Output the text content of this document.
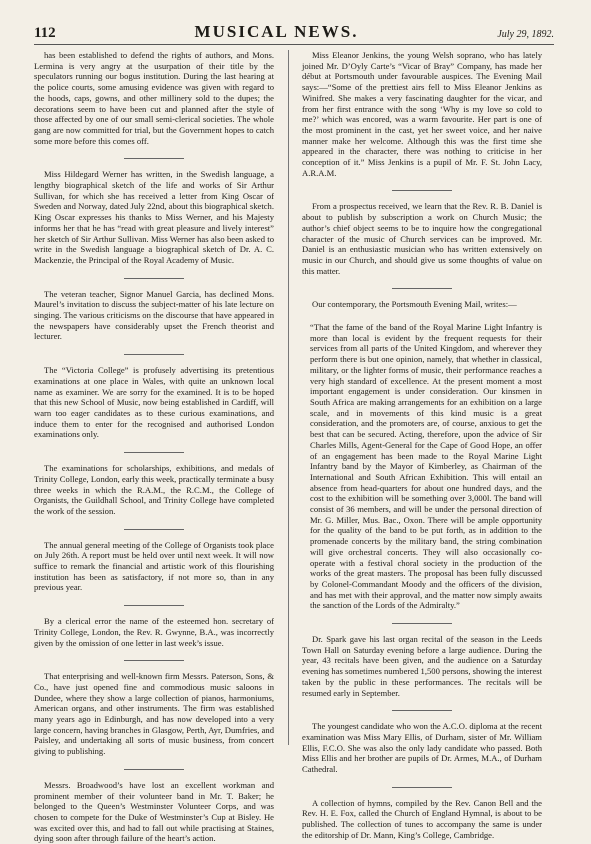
112	MUSICAL NEWS.	July 29, 1892.

has been established to defend the rights of authors, and Mons. Lermina is very angry at the usurpation of their title by the speculators running our bogus institution. During the last hearing at the police courts, some amusing evidence was given with regard to the hoods, caps, gowns, and other millinery sold to the dupes; the decorations seem to have been cut and planned after the style of those affected by one of our small semi-clerical societies. The whole gang are now committed for trial, but the Government hopes to catch some more before this comes off.

Miss Hildegard Werner has written, in the Swedish language, a lengthy biographical sketch of the life and works of Sir Arthur Sullivan, for which she has received a letter from King Oscar of Sweden and Norway, dated July 22nd, about this biographical sketch. King Oscar expresses his thanks to Miss Werner, and his Majesty informs her that he has “read with great pleasure and lively interest” her sketch of Sir Arthur Sullivan. Miss Werner has also been asked to write in the Swedish language a biographical sketch of Dr. A. C. Mackenzie, the Principal of the Royal Academy of Music.

The veteran teacher, Signor Manuel Garcia, has declined Mons. Maurel’s invitation to discuss the subject-matter of his late lecture on singing. The various criticisms on the discourse that have appeared in the newspapers have considerably upset the French theorist and lecturer.

The “Victoria College” is profusely advertising its pretentious examinations at one place in Wales, with quite an unknown local name as examiner. We are sorry for the examined. It is to be hoped that this new School of Music, now being established in Cardiff, will warn too eager candidates as to these curious examinations, and induce them to enter for the recognised and authorised London examinations only.

The examinations for scholarships, exhibitions, and medals of Trinity College, London, early this week, practically terminate a busy three weeks in which the R.A.M., the R.C.M., the College of Organists, the Guildhall School, and Trinity College have completed the work of the session.

The annual general meeting of the College of Organists took place on July 26th. A report must be held over until next week. It will now suffice to remark the financial and artistic work of this flourishing institution has been as satisfactory, if not more so, than in any previous year.

By a clerical error the name of the esteemed hon. secretary of Trinity College, London, the Rev. R. Gwynne, B.A., was incorrectly given by the omission of one letter in last week’s issue.

That enterprising and well-known firm Messrs. Paterson, Sons, & Co., have just opened fine and commodious music saloons in Dundee, where they show a large collection of pianos, harmoniums, American organs, and other instruments. The firm was established many years ago in Edinburgh, and has now developed into a very large concern, having branches in Glasgow, Perth, Ayr, Dumfries, and Paisley, and undertaking all sorts of music business, from concert giving to publishing.

Messrs. Broadwood’s have lost an excellent workman and prominent member of their volunteer band in Mr. T. Baker; he belonged to the Queen’s Westminster Volunteer Corps, and was chosen to compete for the Duke of Westminster’s Cup at Bisley. He was excited over this, and had to fall out while practising at Staines, dying soon after through failure of the heart’s action.

Miss Eleanor Jenkins, the young Welsh soprano, who has lately joined Mr. D’Oyly Carte’s “Vicar of Bray” Company, has made her début at Portsmouth under favourable auspices. The Evening Mail says:—“Some of the prettiest airs fell to Miss Eleanor Jenkins as Winifred. She makes a very fascinating daughter for the vicar, and from her first entrance with the song ‘Why is my love so cold to me?’ which was encored, was a warm favourite. Her part is one of the most prominent in the cast, yet her sweet voice, and her naive manner make her welcome. Although this was the first time she appeared in the character, there was nothing to criticise in her conception of it.” Miss Jenkins is a pupil of Mr. F. St. John Lacy, A.R.A.M.

From a prospectus received, we learn that the Rev. R. B. Daniel is about to publish by subscription a work on Church Music; the author’s chief object seems to be to inquire how the congregational character of the music of Church services can be improved. Mr. Daniel is an enthusiastic musician who has written extensively on music in our Church, and should give us some thoughts of value on this matter.

Our contemporary, the Portsmouth Evening Mail, writes:—

“That the fame of the band of the Royal Marine Light Infantry is more than local is evident by the frequent requests for their services from all parts of the United Kingdom, and wherever they perform there is but one opinion, namely, that whether in classical, military, or the lighter forms of music, their performance reaches a very high standard of excellence. At the present moment a most important engagement is under consideration. Our kinsmen in South Africa are making arrangements for an exhibition on a large scale, and in movements of this kind music is a great consideration, and the promoters are, of course, anxious to get the best that can be secured. Acting, therefore, upon the advice of Sir Charles Mills, Agent-General for the Cape of Good Hope, an offer of an engagement has been made to the Royal Marine Light Infantry band by the Mayor of Kimberley, as Chairman of the International and South African Exhibition. This will entail an absence from head-quarters for about one hundred days, and the cost to the exhibition will be something over 3,000l. The band will consist of 36 members, and will be under the personal direction of Mr. G. Miller, Mus. Bac., Oxon. There will be ample opportunity for the quality of the band to be put forth, as in addition to the promenade concerts by the military band, the string combination will give orchestral concerts. They will also occasionally co-operate with a festival choral society in the production of the works of the great masters. The proposal has been fully discussed by Colonel-Commandant Moody and the officers of the division, and has met with their approval, and the matter now simply awaits the sanction of the Lords of the Admiralty.”

Dr. Spark gave his last organ recital of the season in the Leeds Town Hall on Saturday evening before a large audience. During the year, 43 recitals have been given, and the audience on a Saturday evening has sometimes numbered 1,500 persons, showing the interest taken by the public in these performances. The recitals will be resumed early in September.

The youngest candidate who won the A.C.O. diploma at the recent examination was Miss Mary Ellis, of Durham, sister of Mr. William Ellis, F.C.O. She was also the only lady candidate who passed. Both Miss Ellis and her brother are pupils of Dr. Armes, M.A., of Durham Cathedral.

A collection of hymns, compiled by the Rev. Canon Bell and the Rev. H. E. Fox, called the Church of England Hymnal, is about to be published. The collection of tunes to accompany the same is under the editorship of Dr. Mann, King’s College, Cambridge.
